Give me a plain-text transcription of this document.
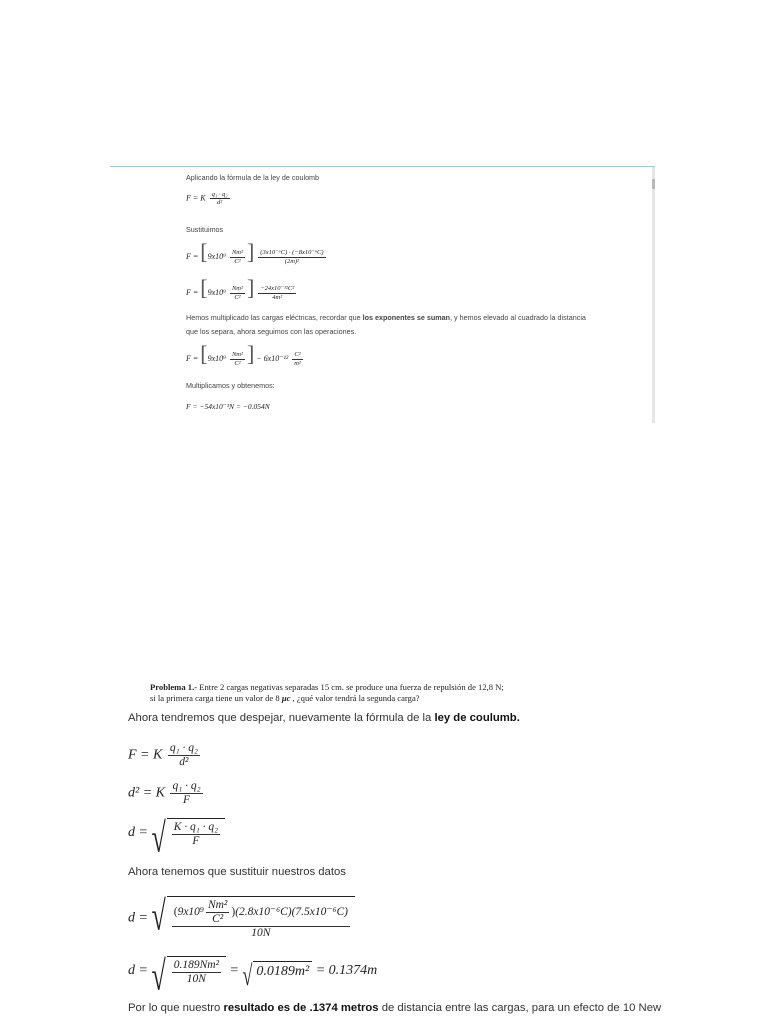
Aplicando la fórmula de la ley de coulomb
F = K $\frac{\text{q₁ · q₂}}{\text{d²}}$
Sustituimos
$F = [9x10^9 \frac{\text{Nm²}}{\text{C²}}$ ] $\frac{\text{(3x10⁻⁶C) · (−8x10⁻⁶C)}}{\text{(2m)²}}$
$F = [9x10^9 \frac{\text{Nm²}}{\text{C²}}$ ] $\frac{\text{−24x10⁻¹²C²}}{\text{4m²}}$
Hemos multiplicado las cargas eléctricas, recordar que los exponentes se suman, y hemos elevado al cuadrado la distancia
que los separa, ahora seguimos con las operaciones.
$F = [9x10^9 \frac{\text{Nm²}}{\text{C²}}$ ] − $6x10^{-12} \frac{\text{C²}}{\text{m²}}$
Multiplicamos y obtenemos:
F = −54x10⁻³N = −0.054N
Problema 1.- Entre 2 cargas negativas separadas 15 cm. se produce una fuerza de repulsión de 12,8 N;
si la primera carga tiene un valor de 8 μc , ¿qué valor tendrá la segunda carga?
Ahora tendremos que despejar, nuevamente la fórmula de la ley de coulumb.
F = K $\frac{\text{q₁ · q₂}}{\text{d²}}$
d² = K $\frac{\text{q₁ · q₂}}{F}$
d = √ $\frac{\text{K · q₁ · q₂}}{F}$
Ahora tenemos que sustituir nuestros datos
d = √ $\frac{(9x10^9 \frac{\text{Nm²}}{\text{C²}} )(2.8x10^{-6}C)(7.5x10^{-6}C)}{10N}$
d = √ $\frac{\text{0.189Nm²}}{10N}$ = √ 0.0189m² = 0.1374m
Por lo que nuestro resultado es de .1374 metros de distancia entre las cargas, para un efecto de 10 New
